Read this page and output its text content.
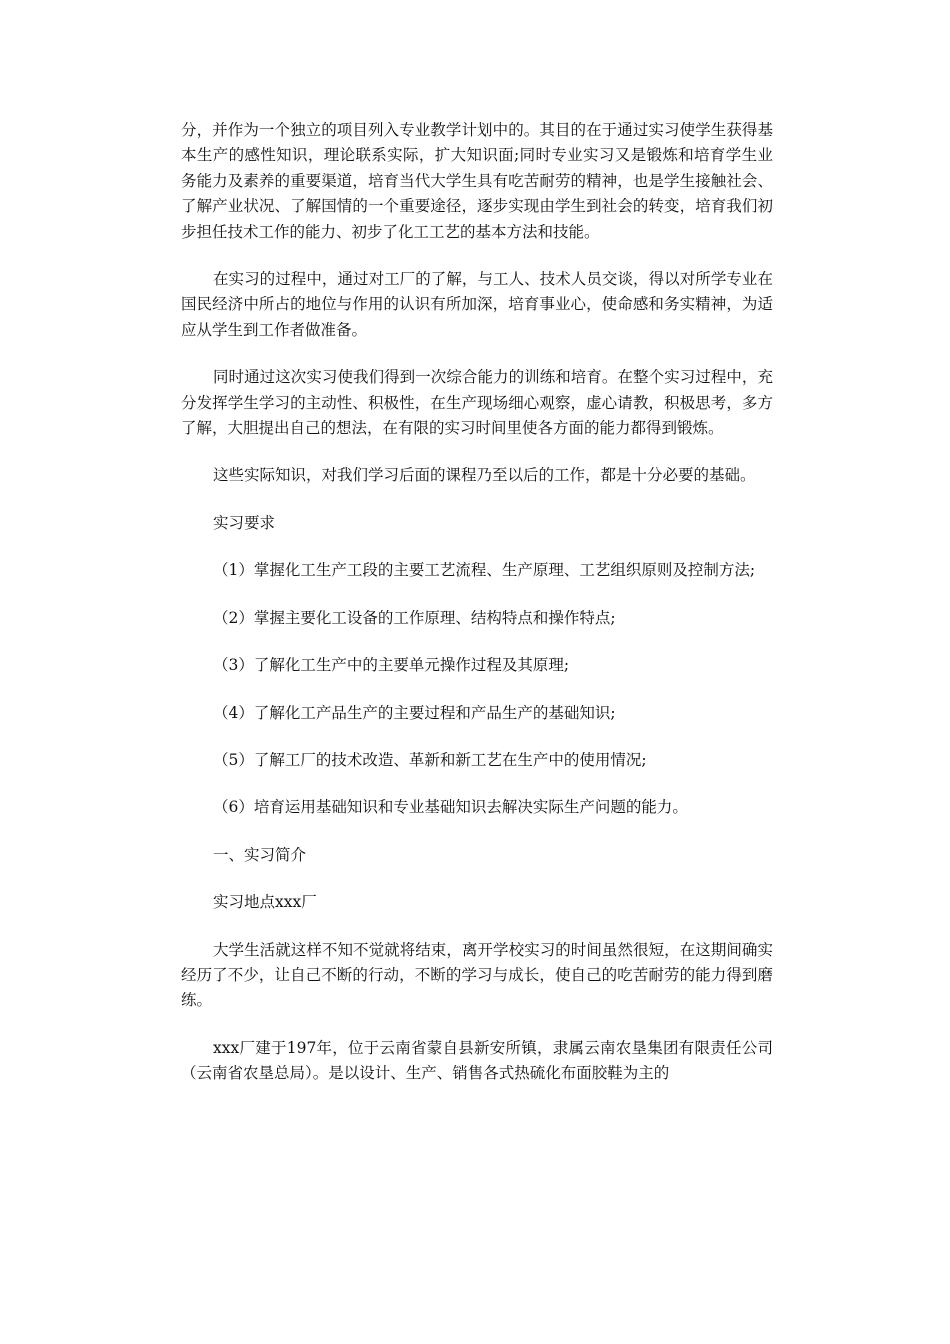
分，并作为一个独立的项目列入专业教学计划中的。其目的在于通过实习使学生获得基本生产的感性知识，理论联系实际，扩大知识面;同时专业实习又是锻炼和培育学生业务能力及素养的重要渠道，培育当代大学生具有吃苦耐劳的精神，也是学生接触社会、了解产业状况、了解国情的一个重要途径，逐步实现由学生到社会的转变，培育我们初步担任技术工作的能力、初步了化工工艺的基本方法和技能。

在实习的过程中，通过对工厂的了解，与工人、技术人员交谈，得以对所学专业在国民经济中所占的地位与作用的认识有所加深，培育事业心，使命感和务实精神，为适应从学生到工作者做准备。

同时通过这次实习使我们得到一次综合能力的训练和培育。在整个实习过程中，充分发挥学生学习的主动性、积极性，在生产现场细心观察，虚心请教，积极思考，多方了解，大胆提出自己的想法，在有限的实习时间里使各方面的能力都得到锻炼。

这些实际知识，对我们学习后面的课程乃至以后的工作，都是十分必要的基础。

实习要求

（1）掌握化工生产工段的主要工艺流程、生产原理、工艺组织原则及控制方法;

（2）掌握主要化工设备的工作原理、结构特点和操作特点;

（3）了解化工生产中的主要单元操作过程及其原理;

（4）了解化工产品生产的主要过程和产品生产的基础知识;

（5）了解工厂的技术改造、革新和新工艺在生产中的使用情况;

（6）培育运用基础知识和专业基础知识去解决实际生产问题的能力。

一、实习简介

实习地点xxx厂

大学生活就这样不知不觉就将结束，离开学校实习的时间虽然很短，在这期间确实经历了不少，让自己不断的行动，不断的学习与成长，使自己的吃苦耐劳的能力得到磨练。

xxx厂建于197年，位于云南省蒙自县新安所镇，隶属云南农垦集团有限责任公司（云南省农垦总局）。是以设计、生产、销售各式热硫化布面胶鞋为主的
